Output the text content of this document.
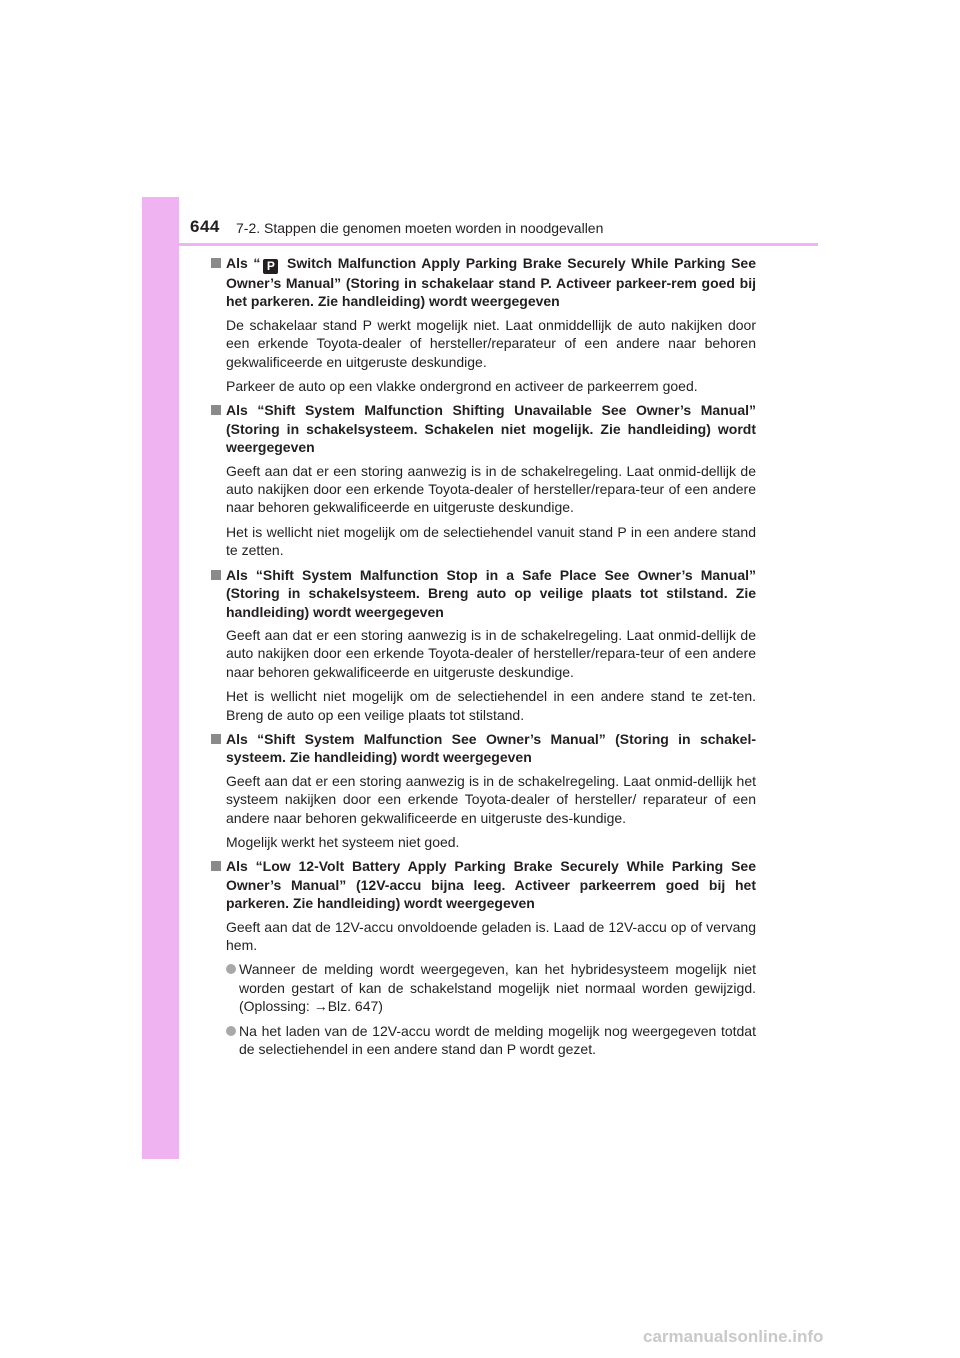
644 7-2. Stappen die genomen moeten worden in noodgevallen

Als “ P Switch Malfunction Apply Parking Brake Securely While Parking See Owner’s Manual” (Storing in schakelaar stand P. Activeer parkeer-rem goed bij het parkeren. Zie handleiding) wordt weergegeven

De schakelaar stand P werkt mogelijk niet. Laat onmiddellijk de auto nakijken door een erkende Toyota-dealer of hersteller/reparateur of een andere naar behoren gekwalificeerde en uitgeruste deskundige.

Parkeer de auto op een vlakke ondergrond en activeer de parkeerrem goed.

Als “Shift System Malfunction Shifting Unavailable See Owner’s Manual” (Storing in schakelsysteem. Schakelen niet mogelijk. Zie handleiding) wordt weergegeven

Geeft aan dat er een storing aanwezig is in de schakelregeling. Laat onmid-dellijk de auto nakijken door een erkende Toyota-dealer of hersteller/repara-teur of een andere naar behoren gekwalificeerde en uitgeruste deskundige.

Het is wellicht niet mogelijk om de selectiehendel vanuit stand P in een andere stand te zetten.

Als “Shift System Malfunction Stop in a Safe Place See Owner’s Manual” (Storing in schakelsysteem. Breng auto op veilige plaats tot stilstand. Zie handleiding) wordt weergegeven

Geeft aan dat er een storing aanwezig is in de schakelregeling. Laat onmid-dellijk de auto nakijken door een erkende Toyota-dealer of hersteller/repara-teur of een andere naar behoren gekwalificeerde en uitgeruste deskundige.

Het is wellicht niet mogelijk om de selectiehendel in een andere stand te zet-ten. Breng de auto op een veilige plaats tot stilstand.

Als “Shift System Malfunction See Owner’s Manual” (Storing in schakel-systeem. Zie handleiding) wordt weergegeven

Geeft aan dat er een storing aanwezig is in de schakelregeling. Laat onmid-dellijk het systeem nakijken door een erkende Toyota-dealer of hersteller/ reparateur of een andere naar behoren gekwalificeerde en uitgeruste des-kundige.

Mogelijk werkt het systeem niet goed.

Als “Low 12-Volt Battery Apply Parking Brake Securely While Parking See Owner’s Manual” (12V-accu bijna leeg. Activeer parkeerrem goed bij het parkeren. Zie handleiding) wordt weergegeven

Geeft aan dat de 12V-accu onvoldoende geladen is. Laad de 12V-accu op of vervang hem.

Wanneer de melding wordt weergegeven, kan het hybridesysteem mogelijk niet worden gestart of kan de schakelstand mogelijk niet normaal worden gewijzigd. (Oplossing: →Blz. 647)
Na het laden van de 12V-accu wordt de melding mogelijk nog weergegeven totdat de selectiehendel in een andere stand dan P wordt gezet.
carmanualsonline.info
